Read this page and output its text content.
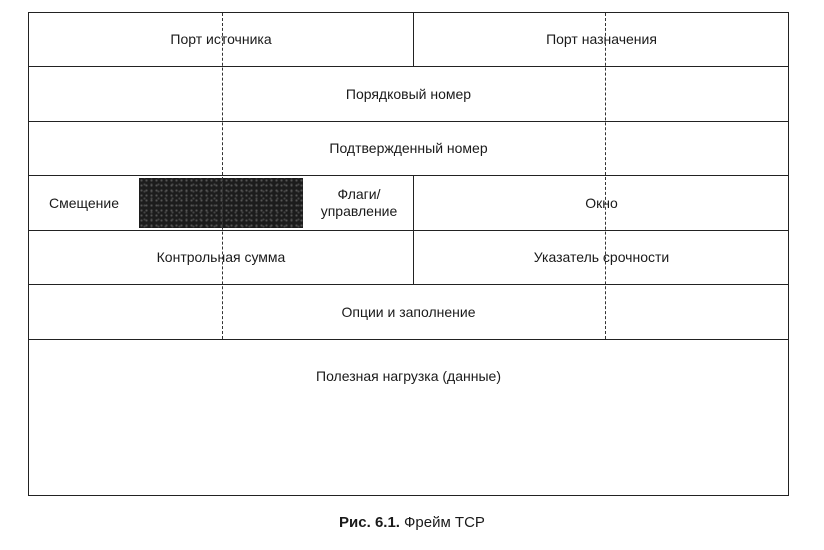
Порт источника	Порт назначения
Порядковый номер
Подтвержденный номер
Смещение
Флаги/
управление
Окно
Контрольная сумма	Указатель срочности
Опции и заполнение
Полезная нагрузка (данные)
Рис. 6.1. Фрейм TCP
